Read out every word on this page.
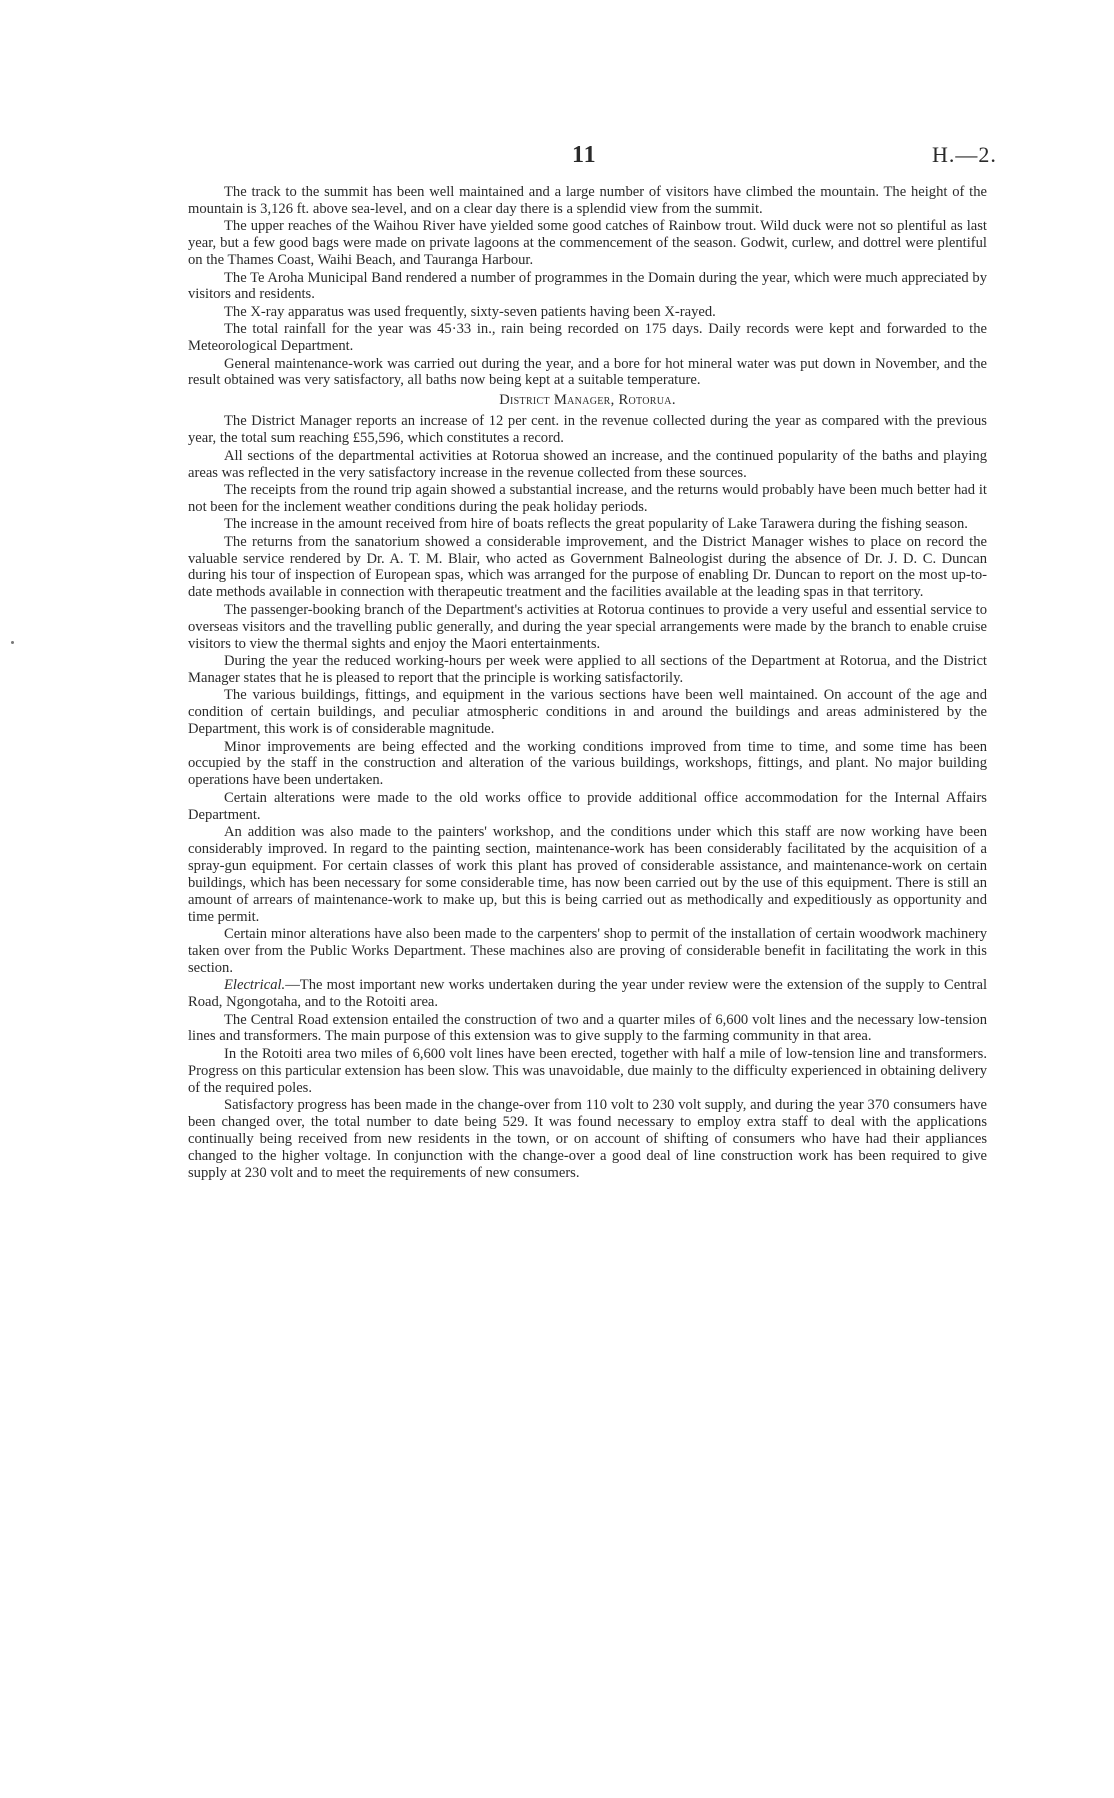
11	H.—2.

The track to the summit has been well maintained and a large number of visitors have climbed the mountain. The height of the mountain is 3,126 ft. above sea-level, and on a clear day there is a splendid view from the summit.

The upper reaches of the Waihou River have yielded some good catches of Rainbow trout. Wild duck were not so plentiful as last year, but a few good bags were made on private lagoons at the commencement of the season. Godwit, curlew, and dottrel were plentiful on the Thames Coast, Waihi Beach, and Tauranga Harbour.

The Te Aroha Municipal Band rendered a number of programmes in the Domain during the year, which were much appreciated by visitors and residents.

The X-ray apparatus was used frequently, sixty-seven patients having been X-rayed.

The total rainfall for the year was 45·33 in., rain being recorded on 175 days. Daily records were kept and forwarded to the Meteorological Department.

General maintenance-work was carried out during the year, and a bore for hot mineral water was put down in November, and the result obtained was very satisfactory, all baths now being kept at a suitable temperature.

District Manager, Rotorua.

The District Manager reports an increase of 12 per cent. in the revenue collected during the year as compared with the previous year, the total sum reaching £55,596, which constitutes a record.

All sections of the departmental activities at Rotorua showed an increase, and the continued popularity of the baths and playing areas was reflected in the very satisfactory increase in the revenue collected from these sources.

The receipts from the round trip again showed a substantial increase, and the returns would probably have been much better had it not been for the inclement weather conditions during the peak holiday periods.

The increase in the amount received from hire of boats reflects the great popularity of Lake Tarawera during the fishing season.

The returns from the sanatorium showed a considerable improvement, and the District Manager wishes to place on record the valuable service rendered by Dr. A. T. M. Blair, who acted as Government Balneologist during the absence of Dr. J. D. C. Duncan during his tour of inspection of European spas, which was arranged for the purpose of enabling Dr. Duncan to report on the most up-to-date methods available in connection with therapeutic treatment and the facilities available at the leading spas in that territory.

The passenger-booking branch of the Department's activities at Rotorua continues to provide a very useful and essential service to overseas visitors and the travelling public generally, and during the year special arrangements were made by the branch to enable cruise visitors to view the thermal sights and enjoy the Maori entertainments.

During the year the reduced working-hours per week were applied to all sections of the Department at Rotorua, and the District Manager states that he is pleased to report that the principle is working satisfactorily.

The various buildings, fittings, and equipment in the various sections have been well maintained. On account of the age and condition of certain buildings, and peculiar atmospheric conditions in and around the buildings and areas administered by the Department, this work is of considerable magnitude.

Minor improvements are being effected and the working conditions improved from time to time, and some time has been occupied by the staff in the construction and alteration of the various buildings, workshops, fittings, and plant. No major building operations have been undertaken.

Certain alterations were made to the old works office to provide additional office accommodation for the Internal Affairs Department.

An addition was also made to the painters' workshop, and the conditions under which this staff are now working have been considerably improved. In regard to the painting section, maintenance-work has been considerably facilitated by the acquisition of a spray-gun equipment. For certain classes of work this plant has proved of considerable assistance, and maintenance-work on certain buildings, which has been necessary for some considerable time, has now been carried out by the use of this equipment. There is still an amount of arrears of maintenance-work to make up, but this is being carried out as methodically and expeditiously as opportunity and time permit.

Certain minor alterations have also been made to the carpenters' shop to permit of the installation of certain woodwork machinery taken over from the Public Works Department. These machines also are proving of considerable benefit in facilitating the work in this section.

Electrical.—The most important new works undertaken during the year under review were the extension of the supply to Central Road, Ngongotaha, and to the Rotoiti area.

The Central Road extension entailed the construction of two and a quarter miles of 6,600 volt lines and the necessary low-tension lines and transformers. The main purpose of this extension was to give supply to the farming community in that area.

In the Rotoiti area two miles of 6,600 volt lines have been erected, together with half a mile of low-tension line and transformers. Progress on this particular extension has been slow. This was unavoidable, due mainly to the difficulty experienced in obtaining delivery of the required poles.

Satisfactory progress has been made in the change-over from 110 volt to 230 volt supply, and during the year 370 consumers have been changed over, the total number to date being 529. It was found necessary to employ extra staff to deal with the applications continually being received from new residents in the town, or on account of shifting of consumers who have had their appliances changed to the higher voltage. In conjunction with the change-over a good deal of line construction work has been required to give supply at 230 volt and to meet the requirements of new consumers.
